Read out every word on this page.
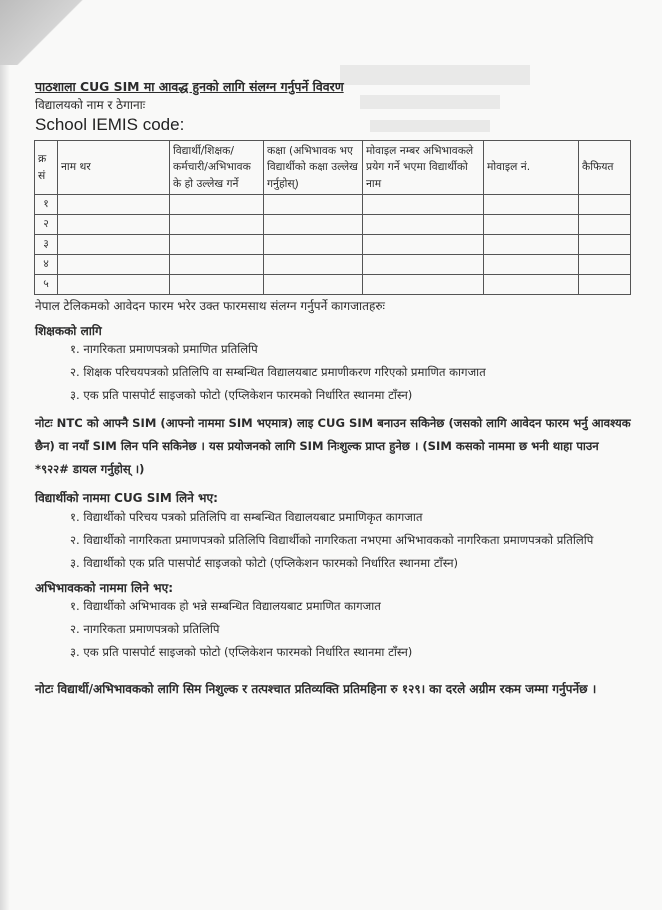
पाठशाला CUG SIM मा आवद्ध हुनको लागि संलग्न गर्नुपर्ने विवरण
विद्यालयको नाम र ठेगानाः
School IEMIS code:
क्र सं	नाम थर	विद्यार्थी/शिक्षक/कर्मचारी/अभिभावक के हो उल्लेख गर्ने	कक्षा (अभिभावक भए विद्यार्थीको कक्षा उल्लेख गर्नुहोस्)	मोवाइल नम्बर अभिभावकले प्रयेग गर्ने भएमा विद्यार्थीको नाम	मोवाइल नं.	कैफियत
१						
२						
३						
४						
५						
नेपाल टेलिकमको आवेदन फारम भरेर उक्त फारमसाथ संलग्न गर्नुपर्ने कागजातहरुः
शिक्षकको लागि
१. नागरिकता प्रमाणपत्रको प्रमाणित प्रतिलिपि
२. शिक्षक परिचयपत्रको प्रतिलिपि वा सम्बन्धित विद्यालयबाट प्रमाणीकरण गरिएको प्रमाणित कागजात
३. एक प्रति पासपोर्ट साइजको फोटो (एप्लिकेशन फारमको निर्धारित स्थानमा टाँस्न)
नोटः NTC को आफ्नै SIM (आफ्नो नाममा SIM भएमात्र) लाइ CUG SIM बनाउन सकिनेछ (जसको लागि आवेदन फारम भर्नु आवश्यक छैन) वा नयाँ SIM लिन पनि सकिनेछ । यस प्रयोजनको लागि SIM निःशुल्क प्राप्त हुनेछ । (SIM कसको नाममा छ भनी थाहा पाउन *९२२# डायल गर्नुहोस् ।)
विद्यार्थीको नाममा CUG SIM लिने भए:
१. विद्यार्थीको परिचय पत्रको प्रतिलिपि वा सम्बन्धित विद्यालयबाट प्रमाणिकृत कागजात
२. विद्यार्थीको नागरिकता प्रमाणपत्रको प्रतिलिपि विद्यार्थीको नागरिकता नभएमा अभिभावकको नागरिकता प्रमाणपत्रको प्रतिलिपि
३. विद्यार्थीको एक प्रति पासपोर्ट साइजको फोटो (एप्लिकेशन फारमको निर्धारित स्थानमा टाँस्न)
अभिभावकको नाममा लिने भए:
१. विद्यार्थीको अभिभावक हो भन्ने सम्बन्धित विद्यालयबाट प्रमाणित कागजात
२. नागरिकता प्रमाणपत्रको प्रतिलिपि
३. एक प्रति पासपोर्ट साइजको फोटो (एप्लिकेशन फारमको निर्धारित स्थानमा टाँस्न)
नोटः विद्यार्थी/अभिभावकको लागि सिम निशुल्क र तत्पश्चात प्रतिव्यक्ति प्रतिमहिना रु १२९। का दरले अग्रीम रकम जम्मा गर्नुपर्नेछ ।
